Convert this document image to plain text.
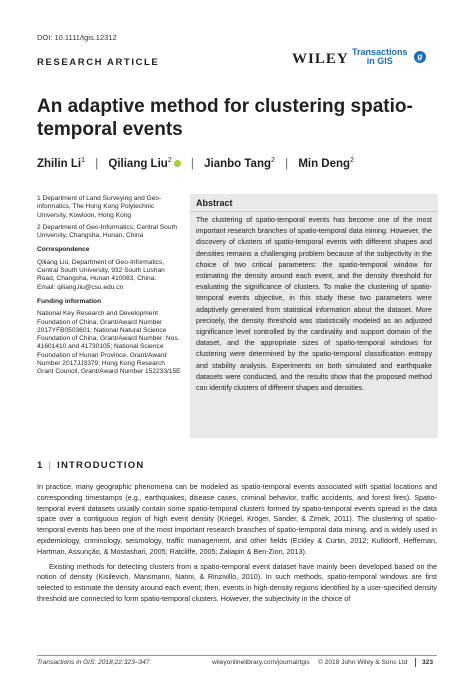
DOI: 10.1111/tgis.12312
RESEARCH ARTICLE	WILEY Transactions
in GIS	g
An adaptive method for clustering spatio-temporal events
Zhilin Li$^1$ | Qiliang Liu$^2$ | Jianbo Tang$^2$ | Min Deng$^2$

1 Department of Land Surveying and Geo-informatics, The Hong Kong Polytechnic University, Kowloon, Hong Kong

2 Department of Geo-Informatics, Central South University, Changsha, Hunan, China

Correspondence

Qiliang Liu, Department of Geo-Informatics, Central South University, 932 South Lushan Road, Changsha, Hunan 410083, China.

Email: qiliang.liu@csu.edu.cn

Funding information

National Key Research and Development Foundation of China, Grant/Award Number 2017YFB0503601; National Natural Science Foundation of China, Grant/Award Number: Nos. 41601410 and 41730105; National Science Foundation of Hunan Province, Grant/Award Number 2017JJ3379; Hong Kong Research Grant Council, Grant/Award Number 152233/15E

Abstract

The clustering of spatio-temporal events has become one of the most important research branches of spatio-temporal data mining. However, the discovery of clusters of spatio-temporal events with different shapes and densities remains a challenging problem because of the subjectivity in the choice of two critical parameters: the spatio-temporal window for estimating the density around each event, and the density threshold for evaluating the significance of clusters. To make the clustering of spatio-temporal events objective, in this study these two parameters were adaptively generated from statistical information about the dataset. More precisely, the density threshold was statistically modeled as an adjusted significance level controlled by the cardinality and support domain of the dataset, and the appropriate sizes of spatio-temporal windows for clustering were determined by the spatio-temporal classification entropy and stability analysis. Experiments on both simulated and earthquake datasets were conducted, and the results show that the proposed method can identify clusters of different shapes and densities.

1 | INTRODUCTION

In practice, many geographic phenomena can be modeled as spatio-temporal events associated with spatial locations and corresponding timestamps (e.g., earthquakes, disease cases, criminal behavior, traffic accidents, and forest fires). Spatio-temporal event datasets usually contain some spatio-temporal clusters formed by spatio-temporal events spread in the data space over a contiguous region of high event density (Kriegel, Kröger, Sander, & Zimek, 2011). The clustering of spatio-temporal events has been one of the most important research branches of spatio-temporal data mining, and is widely used in epidemiology, criminology, seismology, traffic management, and other fields (Eckley & Curtin, 2012; Kulldorff, Heffernan, Hartman, Assunção, & Mostashari, 2005; Ratcliffe, 2005; Zaliapin & Ben-Zion, 2013).

Existing methods for detecting clusters from a spatio-temporal event dataset have mainly been developed based on the notion of density (Kisilevich, Mansmann, Nanni, & Rinzivillo, 2010). In such methods, spatio-temporal windows are first selected to estimate the density around each event; then, events in high-density regions identified by a user-specified density threshold are connected to form spatio-temporal clusters. However, the subjectivity in the choice of

Transactions in GIS. 2018;22:323–347.	wileyonlinelibrary.com/journal/tgis © 2018 John Wiley & Sons Ltd 323
